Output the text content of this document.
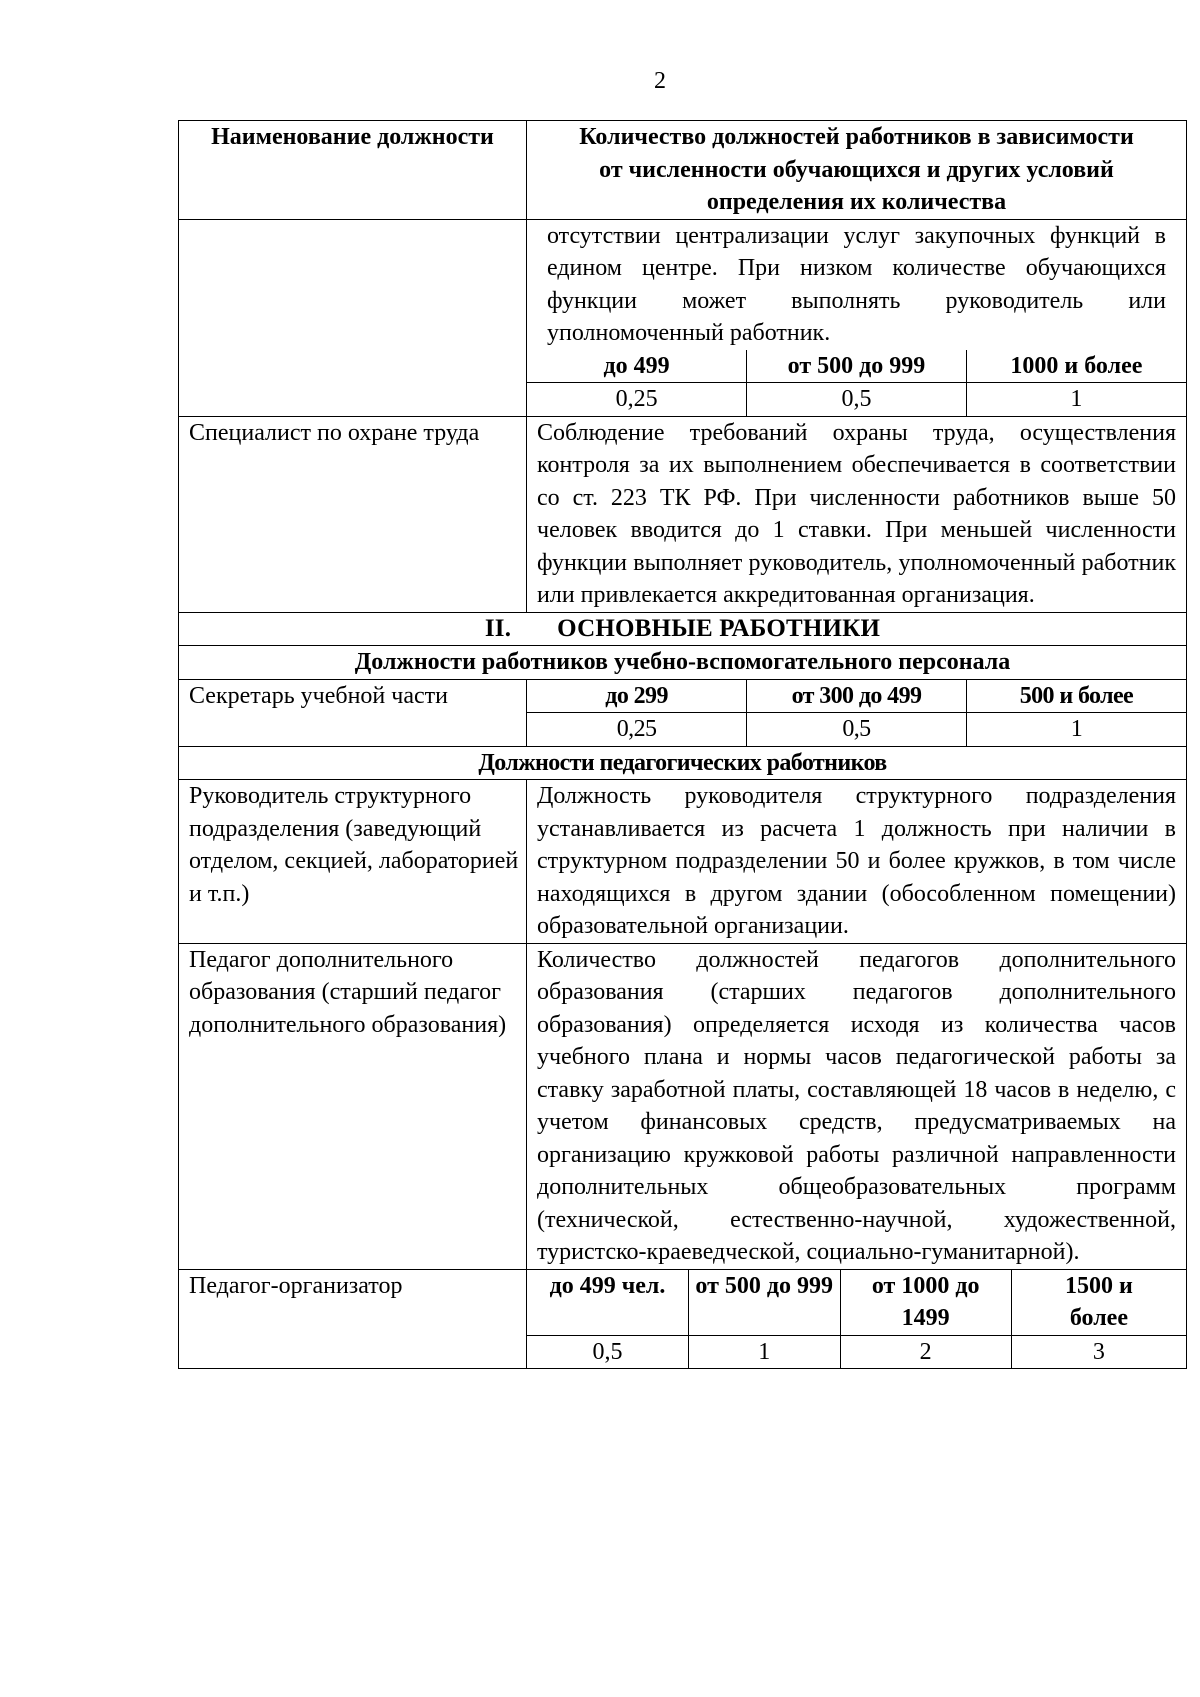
2
Наименование должности	Количество должностей работников в зависимости от численности обучающихся и других условий определения их количества

отсутствии централизации услуг закупочных функций в едином центре. При низком количестве обучающихся функции может выполнять руководитель или уполномоченный работник.
до 499	от 500 до 999	1000 и более
0,25	0,5	1

Специалист по охране труда	Соблюдение требований охраны труда, осуществления контроля за их выполнением обеспечивается в соответствии со ст. 223 ТК РФ. При численности работников выше 50 человек вводится до 1 ставки. При меньшей численности функции выполняет руководитель, уполномоченный работник или привлекается аккредитованная организация.
II. ОСНОВНЫЕ РАБОТНИКИ
Должности работников учебно-вспомогательного персонала
Секретарь учебной части		до 299	от 300 до 499	500 и более
0,25	0,5	1

Должности педагогических работников
Руководитель структурного подразделения (заведующий отделом, секцией, лабораторией и т.п.)	Должность руководителя структурного подразделения устанавливается из расчета 1 должность при наличии в структурном подразделении 50 и более кружков, в том числе находящихся в другом здании (обособленном помещении) образовательной организации.
Педагог дополнительного образования (старший педагог дополнительного образования)	Количество должностей педагогов дополнительного образования (старших педагогов дополнительного образования) определяется исходя из количества часов учебного плана и нормы часов педагогической работы за ставку заработной платы, составляющей 18 часов в неделю, с учетом финансовых средств, предусматриваемых на организацию кружковой работы различной направленности дополнительных общеобразовательных программ (технической, естественно-научной, художественной, туристско-краеведческой, социально-гуманитарной).
Педагог-организатор		до 499 чел.	от 500 до 999	от 1000 до 1499	1500 и более
0,5	1	2	3
